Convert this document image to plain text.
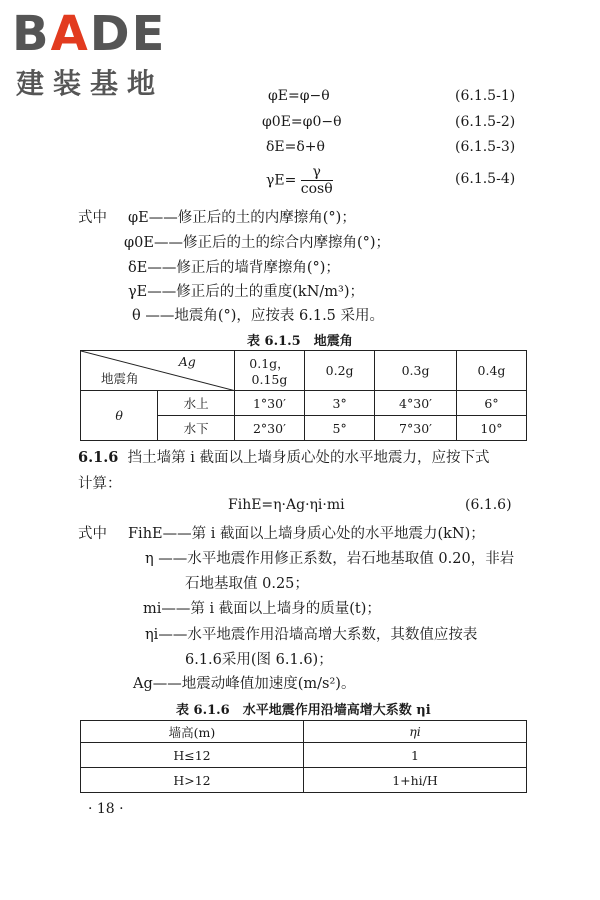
BADE
建装基地	φE=φ−θ	(6.1.5-1)
φ0E=φ0−θ	(6.1.5-2)
δE=δ+θ	(6.1.5-3)
$\gamma E= \frac{\gamma}{\cos\theta}$	(6.1.5-4)
式中 φE——修正后的土的内摩擦角(°)；
φ0E——修正后的土的综合内摩擦角(°)；
δE——修正后的墙背摩擦角(°)；
γE——修正后的土的重度(kN/m³)；
θ ——地震角(°)，应按表 6.1.5 采用。
表 6.1.5　地震角
Ag
地震角		0.1g，0.15g	0.2g	0.3g	0.4g
θ	水上	1°30′	3°	4°30′	6°
	水下	2°30′	5°	7°30′	10°
6.1.6 挡土墙第 i 截面以上墙身质心处的水平地震力，应按下式
计算：
FihE=η·Ag·ηi·mi	(6.1.6)
式中 FihE——第 i 截面以上墙身质心处的水平地震力(kN)；
η ——水平地震作用修正系数，岩石地基取值 0.20，非岩
石地基取值 0.25；
mi——第 i 截面以上墙身的质量(t)；
ηi——水平地震作用沿墙高增大系数，其数值应按表
6.1.6采用(图 6.1.6)；
Ag——地震动峰值加速度(m/s²)。
表 6.1.6　水平地震作用沿墙高增大系数 ηi
墙高(m)	ηi
H≤12	1
H>12	1+hi/H
· 18 ·
